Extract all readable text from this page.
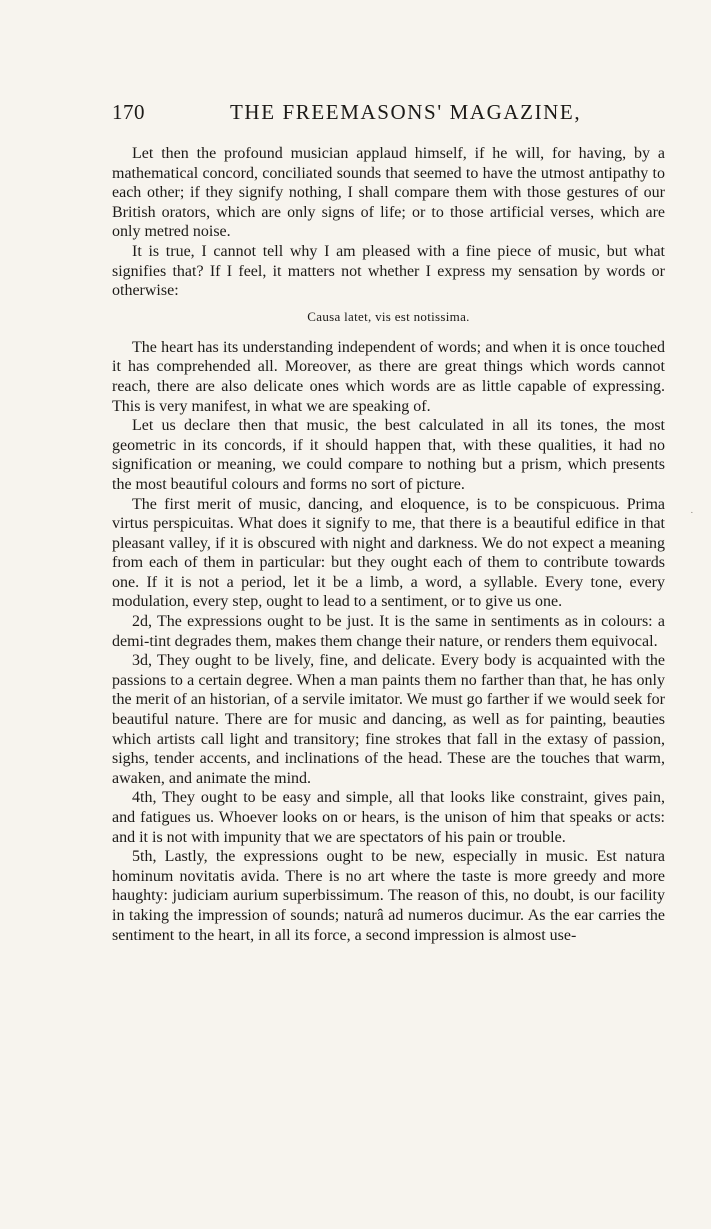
170	THE FREEMASONS' MAGAZINE,

Let then the profound musician applaud himself, if he will, for having, by a mathematical concord, conciliated sounds that seemed to have the utmost antipathy to each other; if they signify nothing, I shall compare them with those gestures of our British orators, which are only signs of life; or to those artificial verses, which are only metred noise.

It is true, I cannot tell why I am pleased with a fine piece of music, but what signifies that? If I feel, it matters not whether I express my sensation by words or otherwise:

Causa latet, vis est notissima.

The heart has its understanding independent of words; and when it is once touched it has comprehended all. Moreover, as there are great things which words cannot reach, there are also delicate ones which words are as little capable of expressing. This is very manifest, in what we are speaking of.

Let us declare then that music, the best calculated in all its tones, the most geometric in its concords, if it should happen that, with these qualities, it had no signification or meaning, we could compare to nothing but a prism, which presents the most beautiful colours and forms no sort of picture.

The first merit of music, dancing, and eloquence, is to be conspicuous. Prima virtus perspicuitas. What does it signify to me, that there is a beautiful edifice in that pleasant valley, if it is obscured with night and darkness. We do not expect a meaning from each of them in particular: but they ought each of them to contribute towards one. If it is not a period, let it be a limb, a word, a syllable. Every tone, every modulation, every step, ought to lead to a sentiment, or to give us one.

2d, The expressions ought to be just. It is the same in sentiments as in colours: a demi-tint degrades them, makes them change their nature, or renders them equivocal.

3d, They ought to be lively, fine, and delicate. Every body is acquainted with the passions to a certain degree. When a man paints them no farther than that, he has only the merit of an historian, of a servile imitator. We must go farther if we would seek for beautiful nature. There are for music and dancing, as well as for painting, beauties which artists call light and transitory; fine strokes that fall in the extasy of passion, sighs, tender accents, and inclinations of the head. These are the touches that warm, awaken, and animate the mind.

4th, They ought to be easy and simple, all that looks like constraint, gives pain, and fatigues us. Whoever looks on or hears, is the unison of him that speaks or acts: and it is not with impunity that we are spectators of his pain or trouble.

5th, Lastly, the expressions ought to be new, especially in music. Est natura hominum novitatis avida. There is no art where the taste is more greedy and more haughty: judiciam aurium superbissimum. The reason of this, no doubt, is our facility in taking the impression of sounds; naturâ ad numeros ducimur. As the ear carries the sentiment to the heart, in all its force, a second impression is almost use-

˙
